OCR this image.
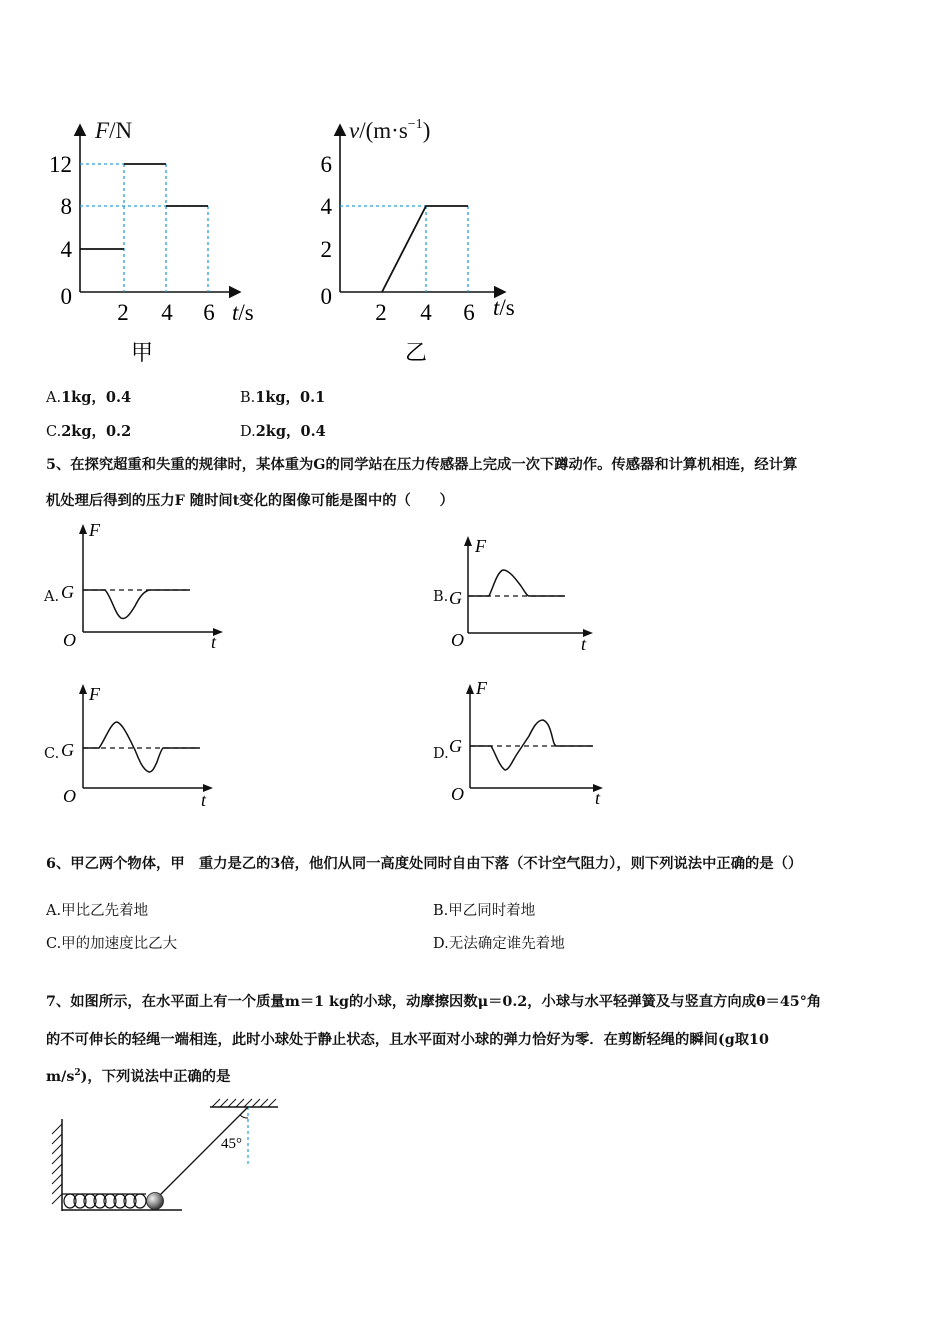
F/N
12
8
4
0
2 4 6 t/s
甲
$v/(m\cdot s^{-1})$
6
4
2
0
2 4 6 t/s
乙
A.1kg，0.4	B.1kg，0.1
C.2kg，0.2	D.2kg，0.4
5、在探究超重和失重的规律时，某体重为G的同学站在压力传感器上完成一次下蹲动作。传感器和计算机相连，经计算
机处理后得到的压力F 随时间t变化的图像可能是图中的（　　）
A.
F
G
O	t
B.
F
G
O	t
C.
F
G
O	t
D.
F
G
O	t
6、甲乙两个物体，甲　重力是乙的3倍，他们从同一高度处同时自由下落（不计空气阻力），则下列说法中正确的是（）
A.甲比乙先着地	B.甲乙同时着地
C.甲的加速度比乙大	D.无法确定谁先着地
7、如图所示，在水平面上有一个质量m＝1 kg的小球，动摩擦因数μ＝0.2，小球与水平轻弹簧及与竖直方向成θ＝45°角
的不可伸长的轻绳一端相连，此时小球处于静止状态，且水平面对小球的弹力恰好为零．在剪断轻绳的瞬间(g取10
$m/s^2$)，下列说法中正确的是
45°
